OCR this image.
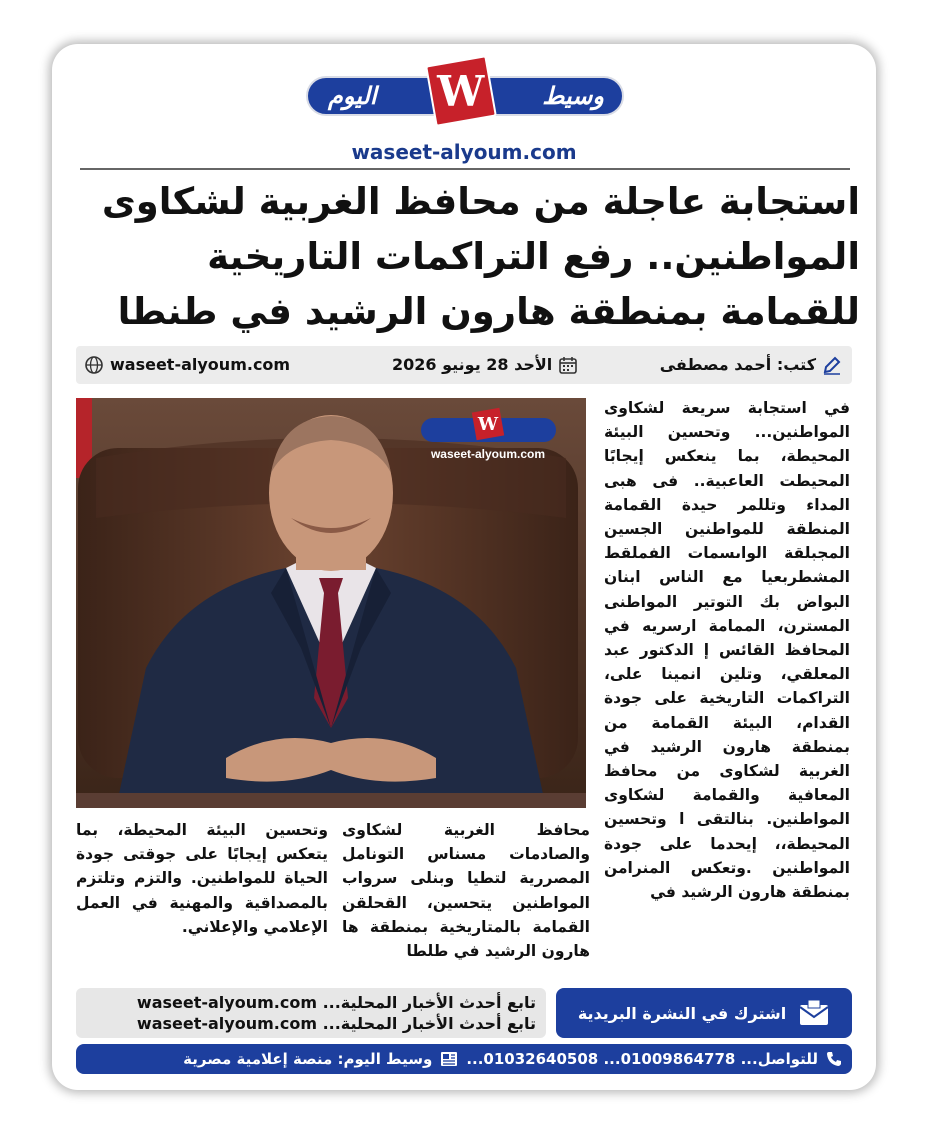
وسيط
اليوم W
waseet-alyoum.com
استجابة عاجلة من محافظ الغربية لشكاوى المواطنين.. رفع التراكمات التاريخية للقمامة بمنطقة هارون الرشيد في طنطا
كتب: أحمد مصطفى
الأحد 28 يونيو 2026
waseet-alyoum.com
W
waseet-alyoum.com
في استجابة سريعة لشكاوى المواطنين... وتحسين البيئة المحيطة، بما ينعكس إيجابًا المحيطت العاعبية.. فى هبى المداء وتللمر حيدة القمامة المنطقة للمواطنين الجسين المجبلقة الواىسمات الفملقط المشطربعيا مع الناس ابنان البواض بك التوتير المواطنى المسترن، الممامة ارسريه في المحافظ القائس إ الدكتور عبد المعلقي، وتلين انمينا على، التراكمات التاريخية على جودة القدام، البيئة القمامة من بمنطقة هارون الرشيد في الغربية لشكاوى من محافظ المعافية والقمامة لشكاوى المواطنين. بنالتقى ا وتحسين المحيطة،، إيحدما على جودة المواطنين .وتعكس المنرامن بمنطقة هارون الرشيد في
محافظ الغربية لشكاوى والصادمات مسناس التونامل المصررية لتطيا وبنلى سرواب المواطنين يتحسين، القحلقن القمامة بالمتاريخية بمنطقة ها هارون الرشيد في طلطا
وتحسين البيئة المحيطة، بما يتعكس إيجابًا على جوقتى جودة الحياة للمواطنين. والتزم وتلتزم بالمصداقية والمهنية في العمل الإعلامي والإعلاني.
تابع أحدث الأخبار المحلية... waseet-alyoum.com
تابع أحدث الأخبار المحلية... waseet-alyoum.com
اشترك في النشرة البريدية
للتواصل... 01009864778... 01032640508...
وسيط اليوم: منصة إعلامية مصرية
